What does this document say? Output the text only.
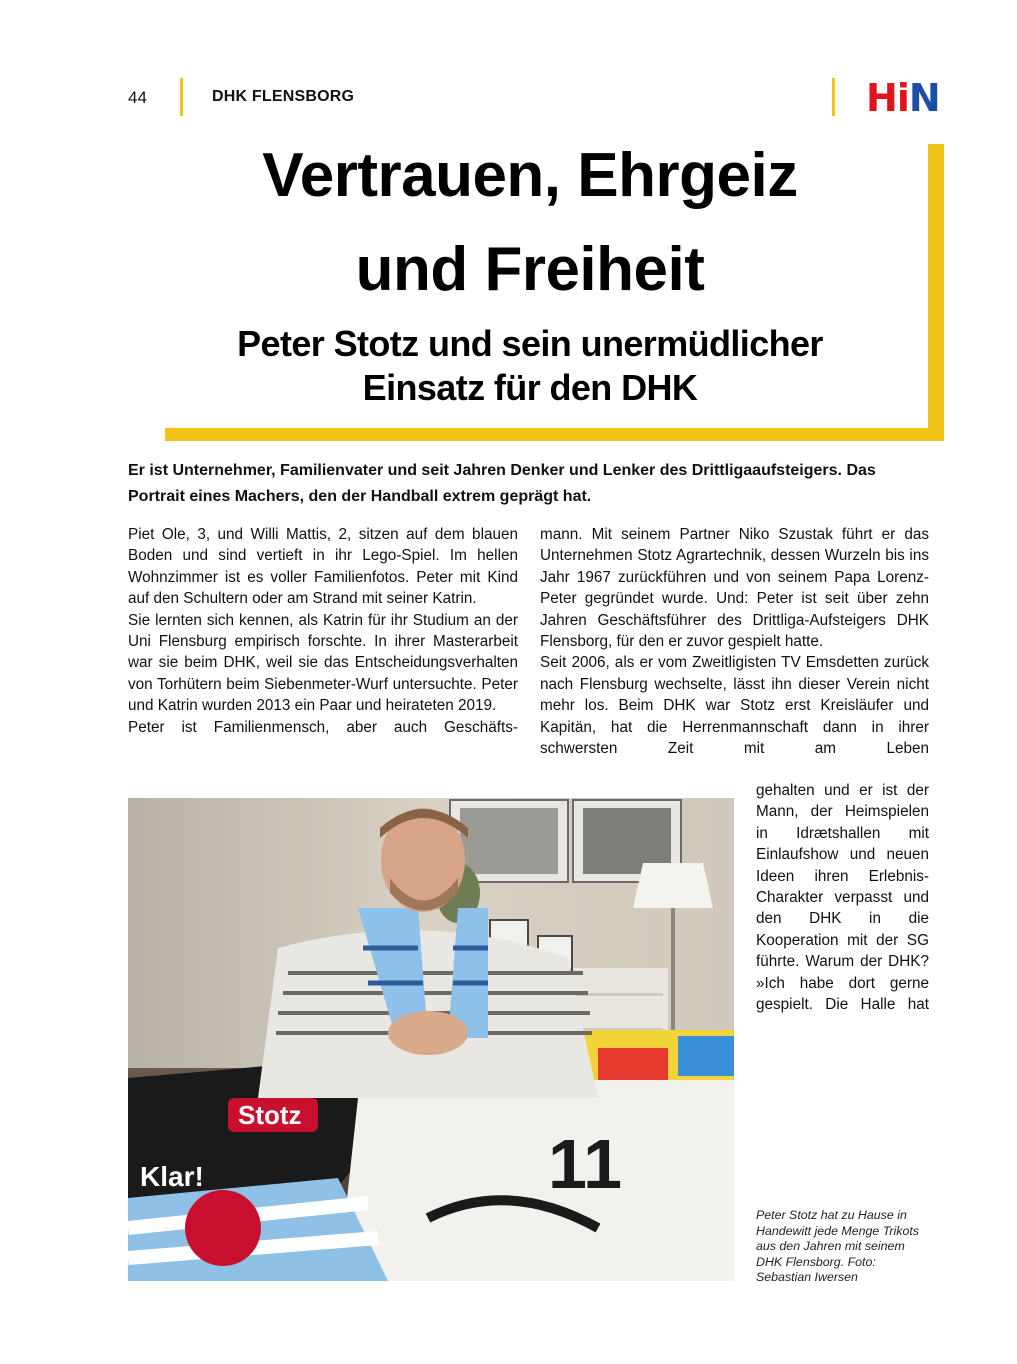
44	DHK FLENSBORG	HiN
Vertrauen, Ehrgeiz
und Freiheit
Peter Stotz und sein unermüdlicher
Einsatz für den DHK
Er ist Unternehmer, Familienvater und seit Jahren Denker und Lenker des Drittligaaufsteigers. Das Portrait eines Machers, den der Handball extrem geprägt hat.

Piet Ole, 3, und Willi Mattis, 2, sitzen auf dem blauen Boden und sind vertieft in ihr Lego-Spiel. Im hellen Wohnzimmer ist es voller Familienfotos. Peter mit Kind auf den Schultern oder am Strand mit seiner Katrin.

Sie lernten sich kennen, als Katrin für ihr Studium an der Uni Flensburg empirisch forschte. In ihrer Masterarbeit war sie beim DHK, weil sie das Entscheidungsverhalten von Torhütern beim Siebenmeter-Wurf untersuchte. Peter und Katrin wurden 2013 ein Paar und heirateten 2019.

Peter ist Familienmensch, aber auch Geschäfts-

mann. Mit seinem Partner Niko Szustak führt er das Unternehmen Stotz Agrartechnik, dessen Wurzeln bis ins Jahr 1967 zurückführen und von seinem Papa Lorenz-Peter gegründet wurde. Und: Peter ist seit über zehn Jahren Geschäftsführer des Drittliga-Aufsteigers DHK Flensborg, für den er zuvor gespielt hatte.

Seit 2006, als er vom Zweitligisten TV Emsdetten zurück nach Flensburg wechselte, lässt ihn dieser Verein nicht mehr los. Beim DHK war Stotz erst Kreisläufer und Kapitän, hat die Herrenmannschaft dann in ihrer schwersten Zeit mit am Leben

gehalten und er ist der Mann, der Heimspielen in Idrætshallen mit Einlaufshow und neuen Ideen ihren Erlebnis-Charakter verpasst und den DHK in die Kooperation mit der SG führte. Warum der DHK? »Ich habe dort gerne gespielt. Die Halle hat

Stotz
11
Klar!
Peter Stotz hat zu Hause in Handewitt jede Menge Trikots aus den Jahren mit seinem DHK Flensborg. Foto: Sebastian Iwersen
